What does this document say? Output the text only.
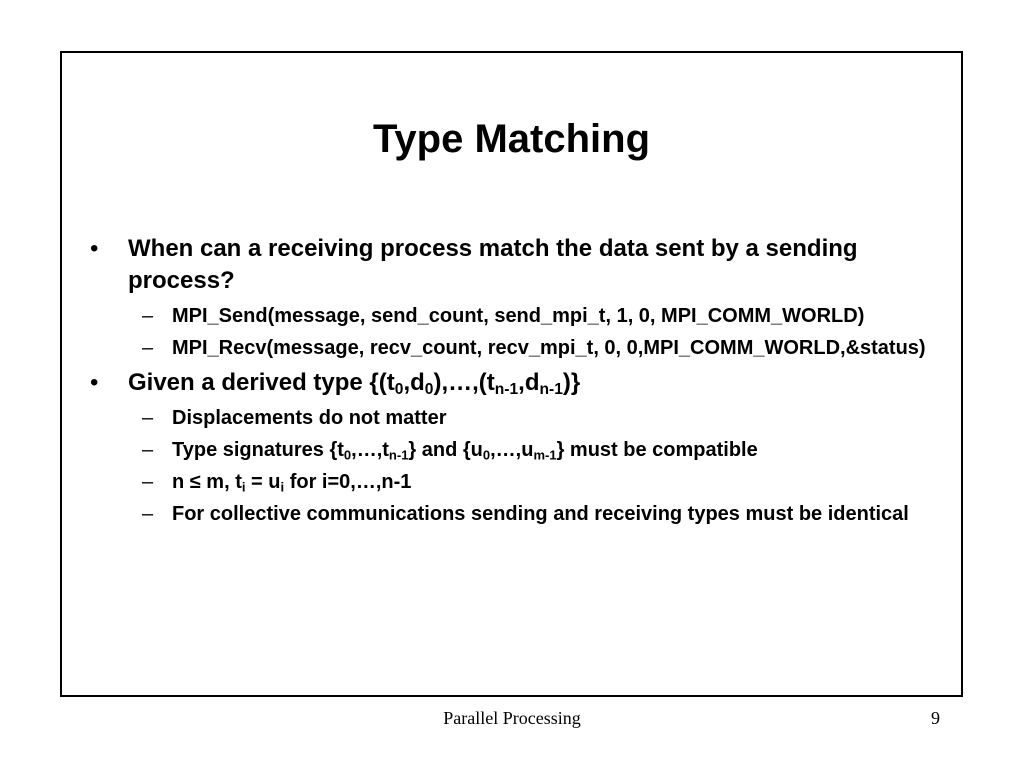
Type Matching
• When can a receiving process match the data sent by a sending process?
– MPI_Send(message, send_count, send_mpi_t, 1, 0, MPI_COMM_WORLD)
– MPI_Recv(message, recv_count, recv_mpi_t, 0, 0,MPI_COMM_WORLD,&status)
• Given a derived type $\{(t_0,d_0),\dots,(t_{n-1},d_{n-1})\}$
– Displacements do not matter
– Type signatures $\{t_0,\dots,t_{n-1}\}$ and $\{u_0,\dots,u_{m-1}\}$ must be compatible
– n ≤ m, $t_i = u_i$ for i=0,…,n-1
– For collective communications sending and receiving types must be identical
Parallel Processing	9
